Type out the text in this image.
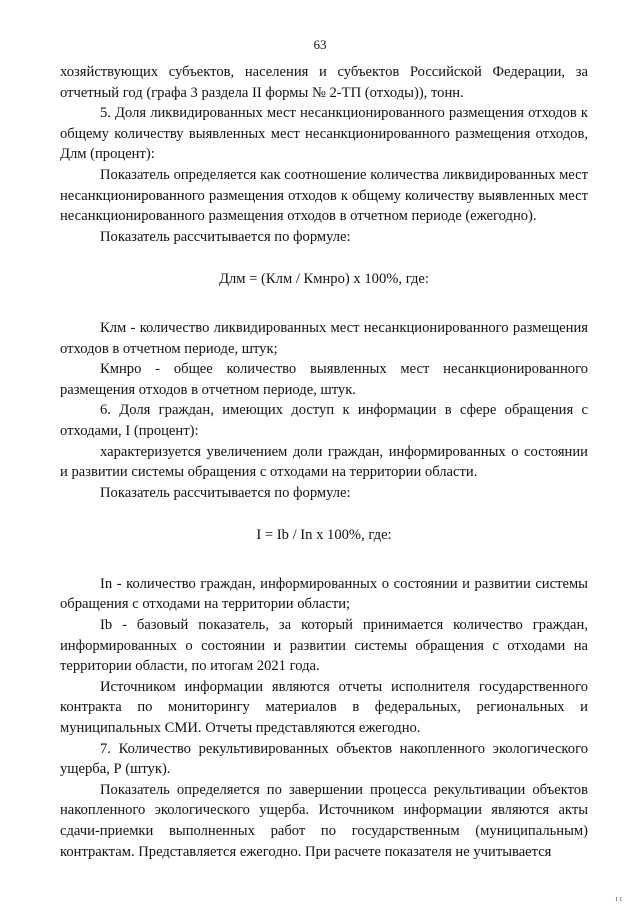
63

хозяйствующих субъектов, населения и субъектов Российской Федерации, за отчетный год (графа 3 раздела II формы № 2-ТП (отходы)), тонн.

5. Доля ликвидированных мест несанкционированного размещения отходов к общему количеству выявленных мест несанкционированного размещения отходов, Длм (процент):

Показатель определяется как соотношение количества ликвидированных мест несанкционированного размещения отходов к общему количеству выявленных мест несанкционированного размещения отходов в отчетном периоде (ежегодно).

Показатель рассчитывается по формуле:

Длм = (Клм / Кмнро) х 100%, где:

Клм - количество ликвидированных мест несанкционированного размещения отходов в отчетном периоде, штук;

Кмнро - общее количество выявленных мест несанкционированного размещения отходов в отчетном периоде, штук.

6. Доля граждан, имеющих доступ к информации в сфере обращения с отходами, I (процент):

характеризуется увеличением доли граждан, информированных о состоянии и развитии системы обращения с отходами на территории области.

Показатель рассчитывается по формуле:

I = Ib / In х 100%, где:

In - количество граждан, информированных о состоянии и развитии системы обращения с отходами на территории области;

Ib - базовый показатель, за который принимается количество граждан, информированных о состоянии и развитии системы обращения с отходами на территории области, по итогам 2021 года.

Источником информации являются отчеты исполнителя государственного контракта по мониторингу материалов в федеральных, региональных и муниципальных СМИ. Отчеты представляются ежегодно.

7. Количество рекультивированных объектов накопленного экологического ущерба, Р (штук).

Показатель определяется по завершении процесса рекультивации объектов накопленного экологического ущерба. Источником информации являются акты сдачи-приемки выполненных работ по государственным (муниципальным) контрактам. Представляется ежегодно. При расчете показателя не учитывается

ı ı
